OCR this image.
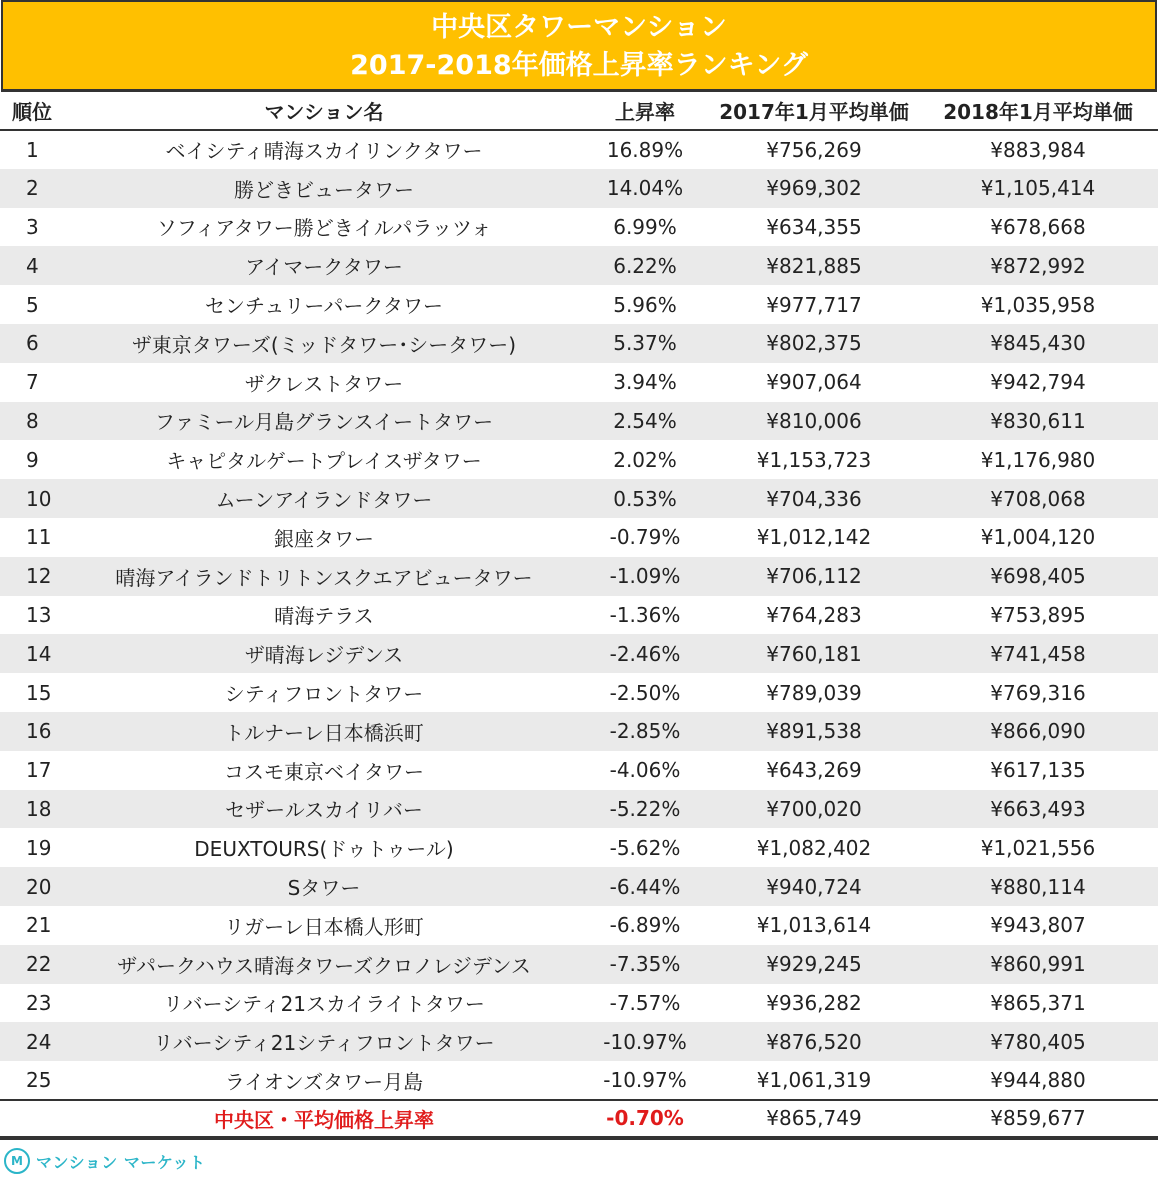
中央区タワーマンション
2017-2018年価格上昇率ランキング
順位	マンション名	上昇率	2017年1月平均単価	2018年1月平均単価
1	ベイシティ晴海スカイリンクタワー	16.89%	¥756,269	¥883,984
2	勝どきビュータワー	14.04%	¥969,302	¥1,105,414
3	ソフィアタワー勝どきイルパラッツォ	6.99%	¥634,355	¥678,668
4	アイマークタワー	6.22%	¥821,885	¥872,992
5	センチュリーパークタワー	5.96%	¥977,717	¥1,035,958
6	ザ東京タワーズ(ミッドタワー･シータワー)	5.37%	¥802,375	¥845,430
7	ザクレストタワー	3.94%	¥907,064	¥942,794
8	ファミール月島グランスイートタワー	2.54%	¥810,006	¥830,611
9	キャピタルゲートプレイスザタワー	2.02%	¥1,153,723	¥1,176,980
10	ムーンアイランドタワー	0.53%	¥704,336	¥708,068
11	銀座タワー	-0.79%	¥1,012,142	¥1,004,120
12	晴海アイランドトリトンスクエアビュータワー	-1.09%	¥706,112	¥698,405
13	晴海テラス	-1.36%	¥764,283	¥753,895
14	ザ晴海レジデンス	-2.46%	¥760,181	¥741,458
15	シティフロントタワー	-2.50%	¥789,039	¥769,316
16	トルナーレ日本橋浜町	-2.85%	¥891,538	¥866,090
17	コスモ東京ベイタワー	-4.06%	¥643,269	¥617,135
18	セザールスカイリバー	-5.22%	¥700,020	¥663,493
19	DEUXTOURS(ドゥトゥール)	-5.62%	¥1,082,402	¥1,021,556
20	Sタワー	-6.44%	¥940,724	¥880,114
21	リガーレ日本橋人形町	-6.89%	¥1,013,614	¥943,807
22	ザパークハウス晴海タワーズクロノレジデンス	-7.35%	¥929,245	¥860,991
23	リバーシティ21スカイライトタワー	-7.57%	¥936,282	¥865,371
24	リバーシティ21シティフロントタワー	-10.97%	¥876,520	¥780,405
25	ライオンズタワー月島	-10.97%	¥1,061,319	¥944,880
	中央区・平均価格上昇率	-0.70%	¥865,749	¥859,677
M マンション マーケット
